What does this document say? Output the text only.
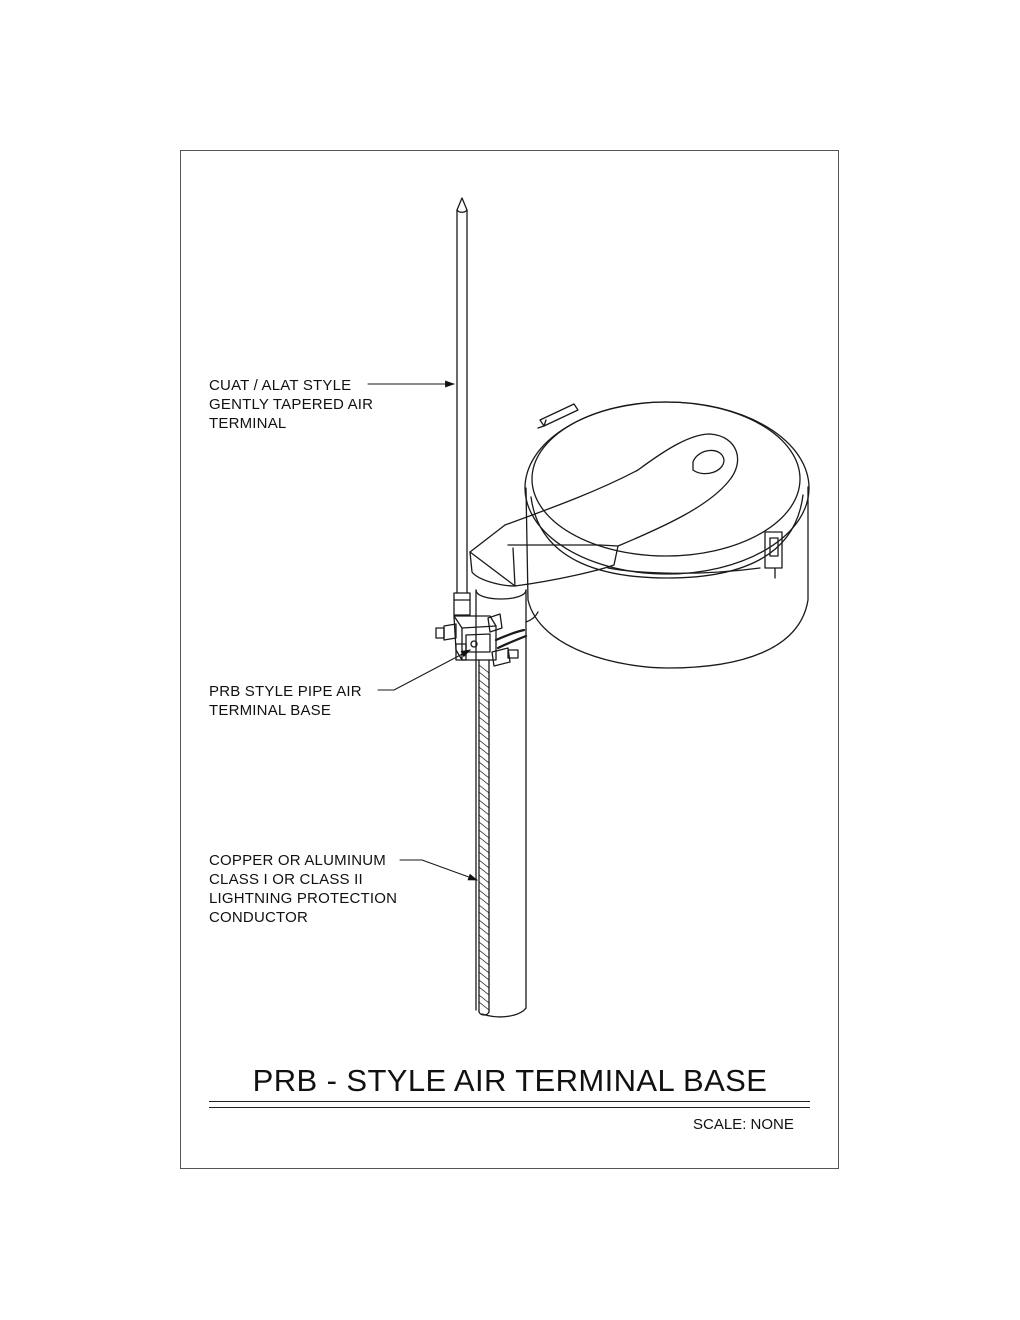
CUAT / ALAT STYLE
GENTLY TAPERED AIR
TERMINAL
PRB STYLE PIPE AIR
TERMINAL BASE
COPPER OR ALUMINUM
CLASS I OR CLASS II
LIGHTNING PROTECTION
CONDUCTOR
PRB - STYLE AIR TERMINAL BASE
SCALE: NONE
